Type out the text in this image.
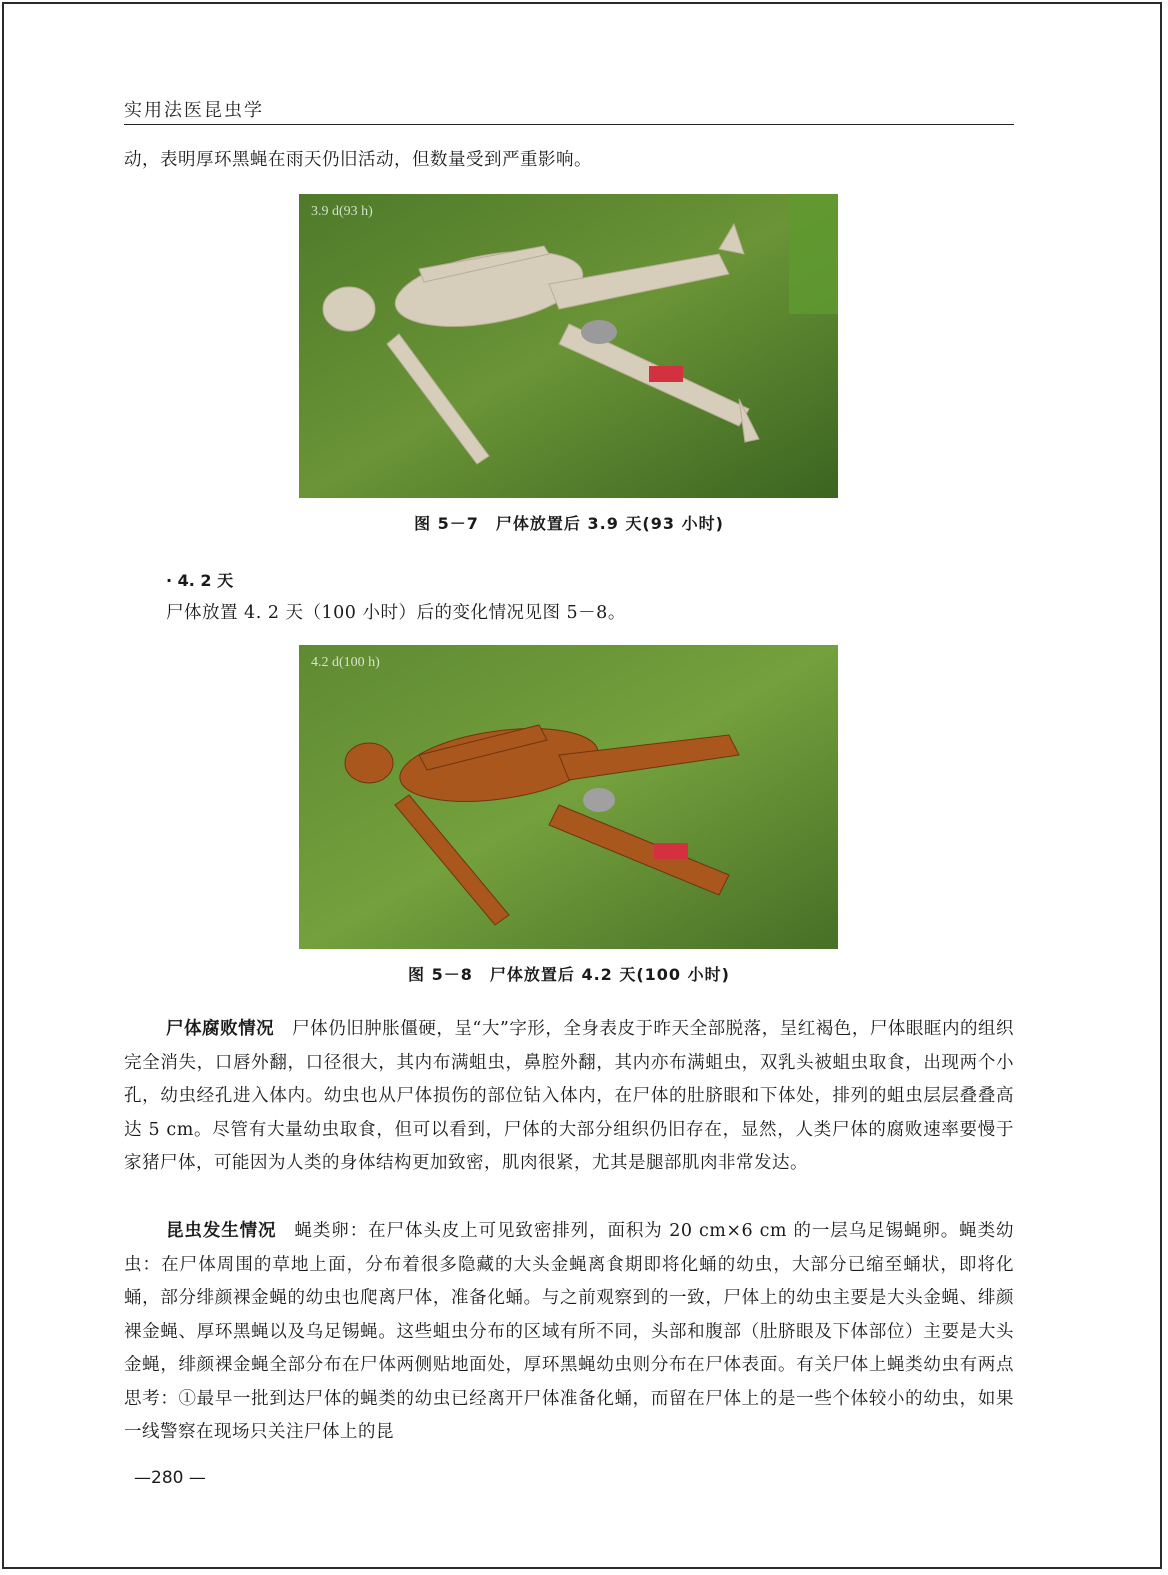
实用法医昆虫学
动，表明厚环黑蝇在雨天仍旧活动，但数量受到严重影响。
3.9 d(93 h)
图 5－7　尸体放置后 3.9 天(93 小时)
· 4. 2 天
尸体放置 4. 2 天（100 小时）后的变化情况见图 5－8。
4.2 d(100 h)
图 5－8　尸体放置后 4.2 天(100 小时)
尸体腐败情况 尸体仍旧肿胀僵硬，呈“大”字形，全身表皮于昨天全部脱落，呈红褐色，尸体眼眶内的组织完全消失，口唇外翻，口径很大，其内布满蛆虫，鼻腔外翻，其内亦布满蛆虫，双乳头被蛆虫取食，出现两个小孔，幼虫经孔进入体内。幼虫也从尸体损伤的部位钻入体内，在尸体的肚脐眼和下体处，排列的蛆虫层层叠叠高达 5 cm。尽管有大量幼虫取食，但可以看到，尸体的大部分组织仍旧存在，显然，人类尸体的腐败速率要慢于家猪尸体，可能因为人类的身体结构更加致密，肌肉很紧，尤其是腿部肌肉非常发达。
昆虫发生情况 蝇类卵：在尸体头皮上可见致密排列，面积为 20 cm×6 cm 的一层乌足锡蝇卵。蝇类幼虫：在尸体周围的草地上面，分布着很多隐藏的大头金蝇离食期即将化蛹的幼虫，大部分已缩至蛹状，即将化蛹，部分绯颜裸金蝇的幼虫也爬离尸体，准备化蛹。与之前观察到的一致，尸体上的幼虫主要是大头金蝇、绯颜裸金蝇、厚环黑蝇以及乌足锡蝇。这些蛆虫分布的区域有所不同，头部和腹部（肚脐眼及下体部位）主要是大头金蝇，绯颜裸金蝇全部分布在尸体两侧贴地面处，厚环黑蝇幼虫则分布在尸体表面。有关尸体上蝇类幼虫有两点思考：①最早一批到达尸体的蝇类的幼虫已经离开尸体准备化蛹，而留在尸体上的是一些个体较小的幼虫，如果一线警察在现场只关注尸体上的昆
—280 —
